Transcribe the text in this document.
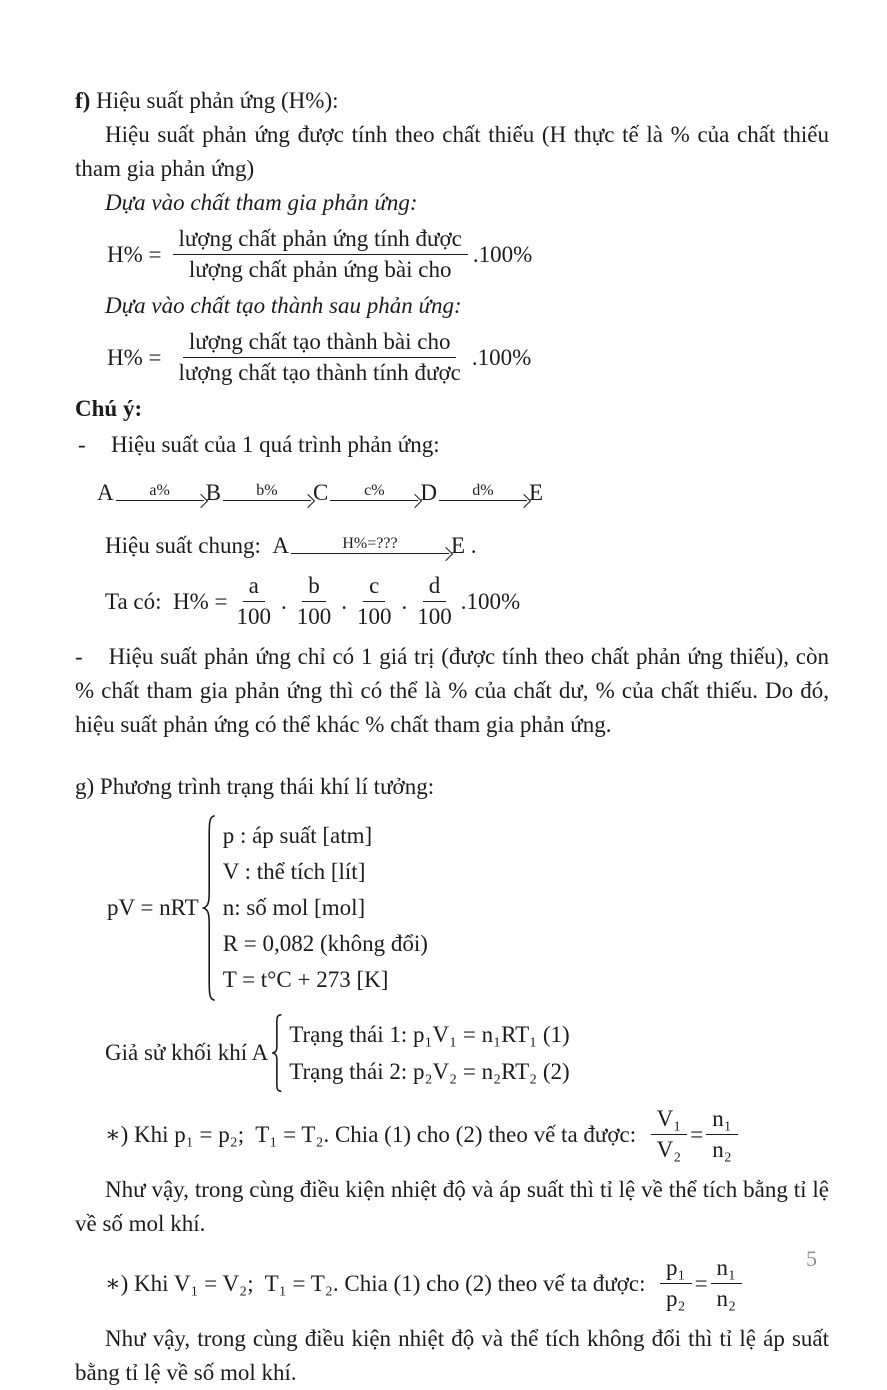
f) Hiệu suất phản ứng (H%):

Hiệu suất phản ứng được tính theo chất thiếu (H thực tế là % của chất thiếu tham gia phản ứng)

Dựa vào chất tham gia phản ứng:

$H\% = \frac{\text{lượng chất phản ứng tính được}}{\text{lượng chất phản ứng bài cho}} .100\%$

Dựa vào chất tạo thành sau phản ứng:

$H\% = \frac{\text{lượng chất tạo thành bài cho}}{\text{lượng chất tạo thành tính được}} .100\%$

Chú ý:

-	Hiệu suất của 1 quá trình phản ứng:
A	a% B	b% C	c% D	d% E
Hiệu suất chung: A	H%=??? E .
Ta có: $H\% = \frac{a}{100}$ . $\frac{b}{100}$ . $\frac{c}{100}$ . $\frac{d}{100} .100\%$

- Hiệu suất phản ứng chỉ có 1 giá trị (được tính theo chất phản ứng thiếu), còn % chất tham gia phản ứng thì có thể là % của chất dư, % của chất thiếu. Do đó, hiệu suất phản ứng có thể khác % chất tham gia phản ứng.

g) Phương trình trạng thái khí lí tưởng:

pV = nRT
p : áp suất [atm]
V : thể tích [lít]
n: số mol [mol]
R = 0,082 (không đổi)
T = t°C + 273 [K]
Giả sử khối khí A
Trạng thái 1: p₁V₁ = n₁RT₁ (1)
Trạng thái 2: p₂V₂ = n₂RT₂ (2)
∗) Khi p₁ = p₂;  T₁ = T₂. Chia (1) cho (2) theo vế ta được: $\frac{\text{V₁}}{\text{V₂}} = \frac{\text{n₁}}{\text{n₂}}$

Như vậy, trong cùng điều kiện nhiệt độ và áp suất thì tỉ lệ về thể tích bằng tỉ lệ về số mol khí.

∗) Khi V₁ = V₂;  T₁ = T₂. Chia (1) cho (2) theo vế ta được: $\frac{\text{p₁}}{\text{p₂}} = \frac{\text{n₁}}{\text{n₂}}$

Như vậy, trong cùng điều kiện nhiệt độ và thể tích không đổi thì tỉ lệ áp suất bằng tỉ lệ về số mol khí.

5
